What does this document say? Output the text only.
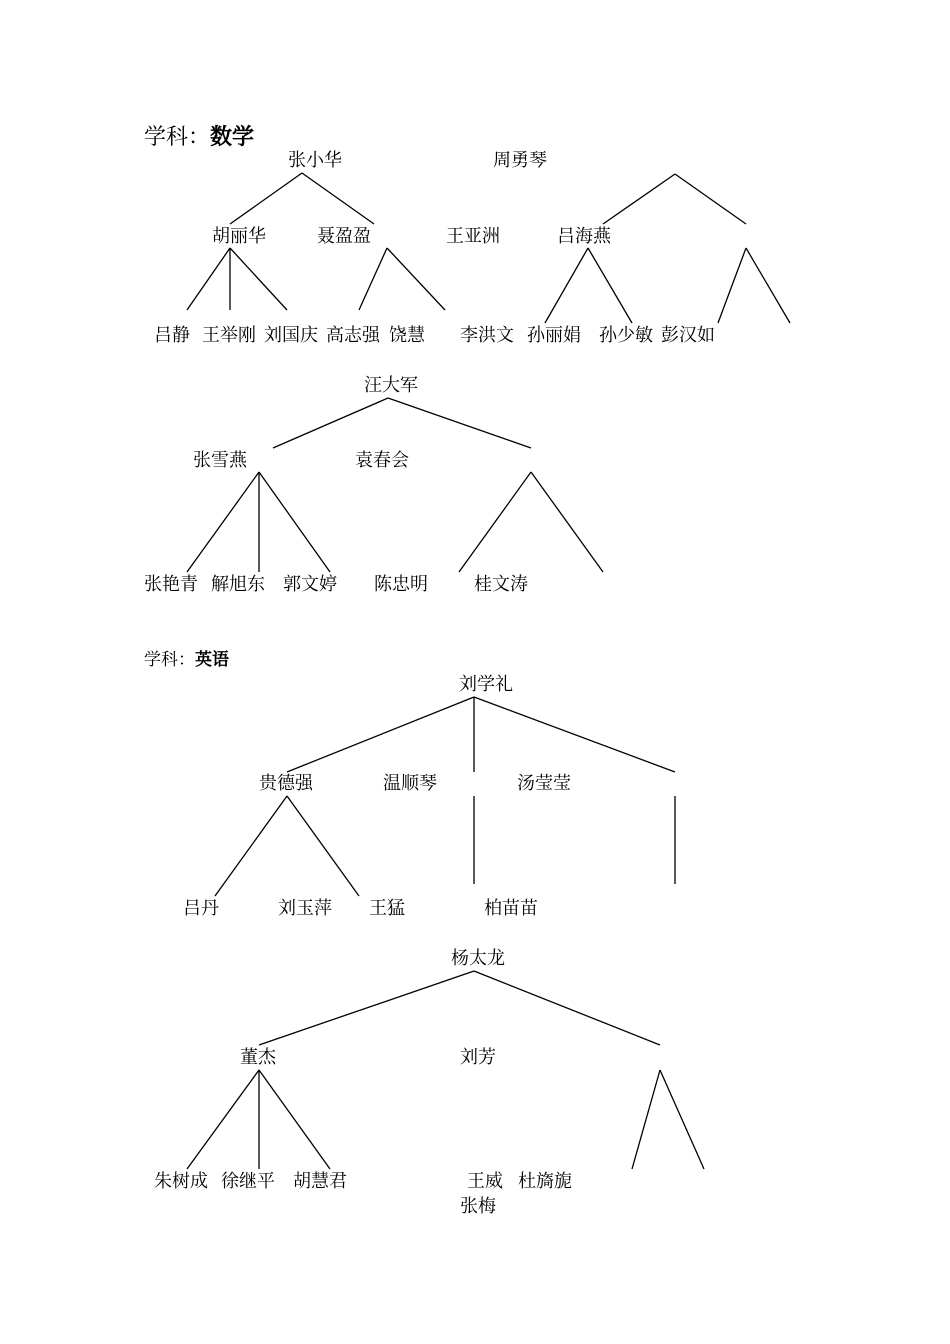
学科：数学
张小华	周勇琴
胡丽华	聂盈盈	王亚洲	吕海燕
吕静 王举刚 刘国庆 高志强 饶慧 李洪文 孙丽娟 孙少敏 彭汉如
汪大军
张雪燕	袁春会
张艳青 解旭东 郭文婷 陈忠明	桂文涛
学科：英语
刘学礼
贵德强	温顺琴	汤莹莹
吕丹	刘玉萍 王猛	柏苗苗
杨太龙
董杰	刘芳
朱树成 徐继平 胡慧君	王威 杜旖旎
张梅
